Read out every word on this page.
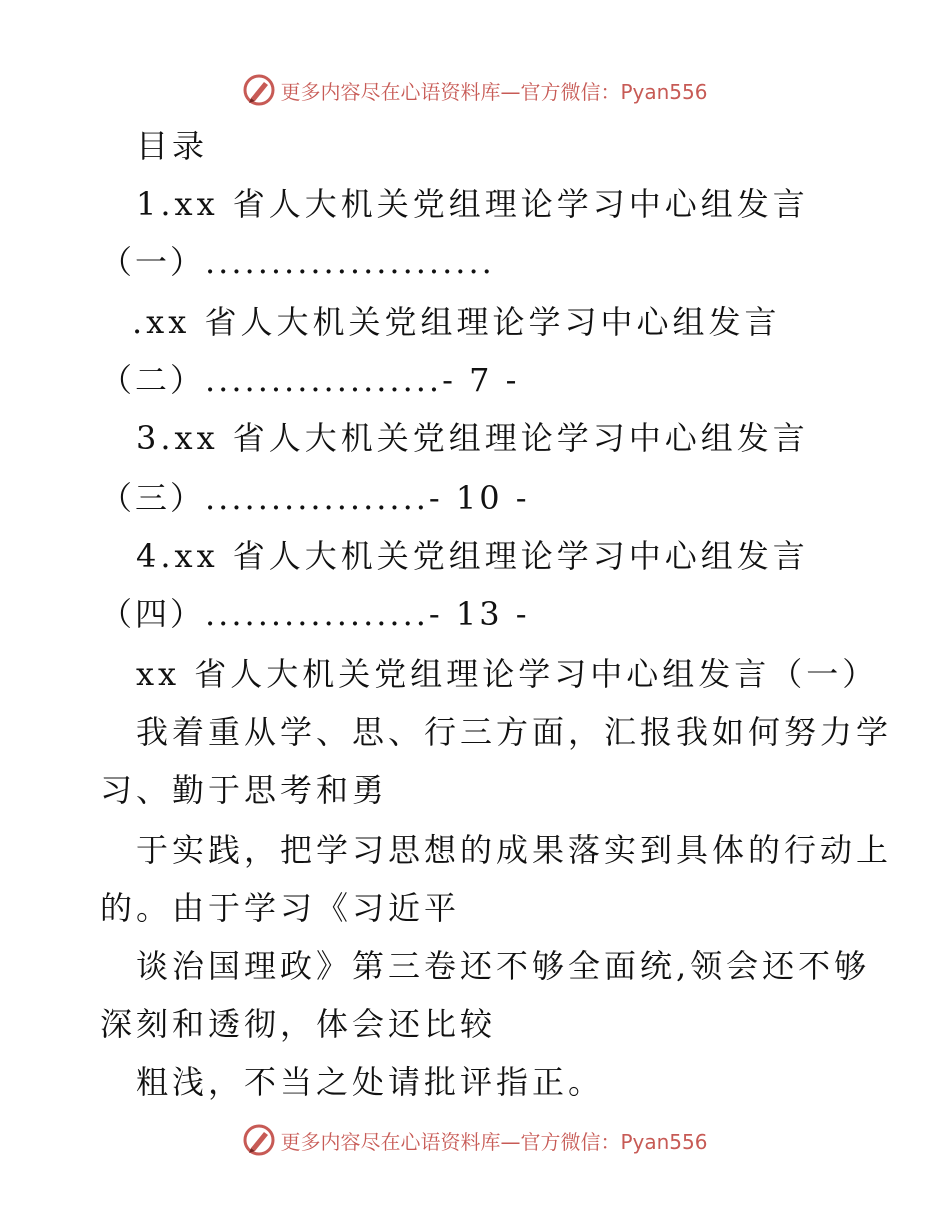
更多内容尽在心语资料库—官方微信：Pyan556
目录
1.xx 省人大机关党组理论学习中心组发言
（一）......................
.xx 省人大机关党组理论学习中心组发言
（二）..................- 7 -
3.xx 省人大机关党组理论学习中心组发言
（三）.................- 10 -
4.xx 省人大机关党组理论学习中心组发言
（四）.................- 13 -
xx 省人大机关党组理论学习中心组发言（一）
我着重从学、思、行三方面，汇报我如何努力学
习、勤于思考和勇
于实践，把学习思想的成果落实到具体的行动上
的。由于学习《习近平
谈治国理政》第三卷还不够全面统,领会还不够
深刻和透彻，体会还比较
粗浅，不当之处请批评指正。
更多内容尽在心语资料库—官方微信：Pyan556
